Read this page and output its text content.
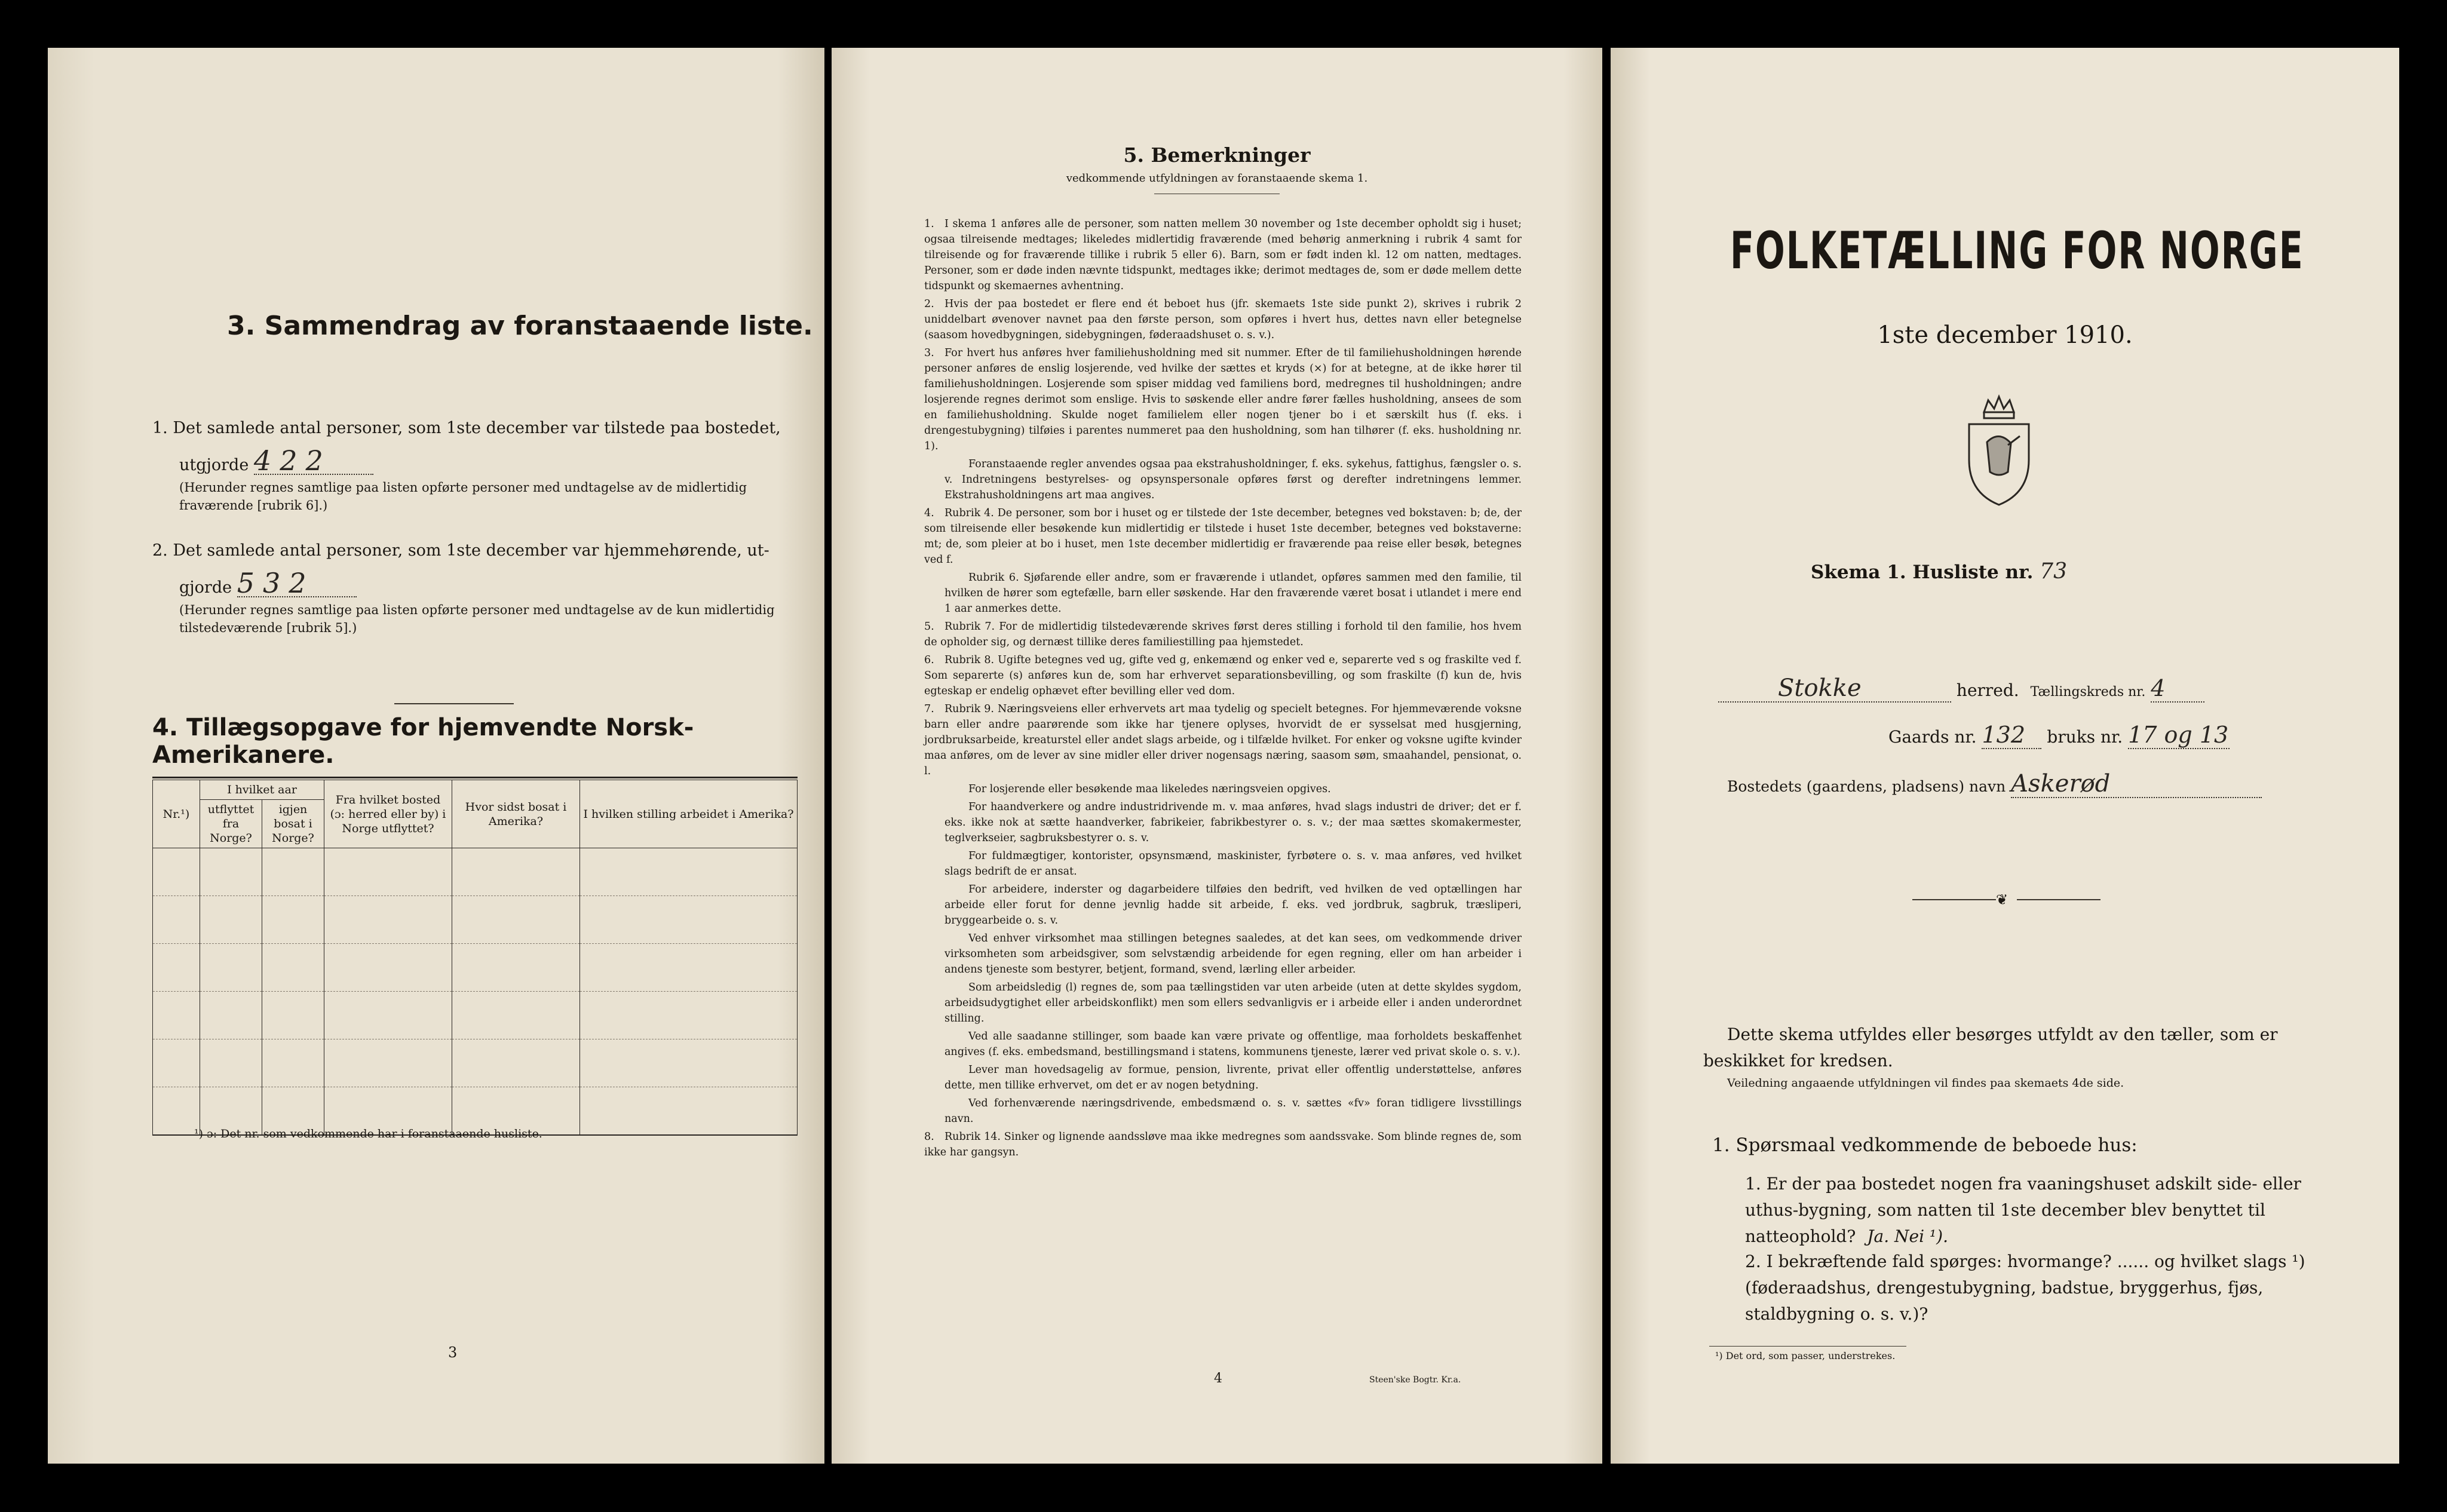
3. Sammendrag av foranstaaende liste.
1. Det samlede antal personer, som 1ste december var tilstede paa bostedet,
utgjorde 422
(Herunder regnes samtlige paa listen opførte personer med undtagelse av de midlertidig fraværende [rubrik 6].)
2. Det samlede antal personer, som 1ste december var hjemmehørende, ut-
gjorde 532
(Herunder regnes samtlige paa listen opførte personer med undtagelse av de kun midlertidig tilstedeværende [rubrik 5].)
4. Tillægsopgave for hjemvendte Norsk-Amerikanere.
Nr.¹)	I hvilket aar		Fra hvilket bosted (ɔ: herred eller by) i Norge utflyttet?	Hvor sidst bosat i Amerika?	I hvilken stilling arbeidet i Amerika?
	utflyttet fra Norge?	igjen bosat i Norge?			

¹) ɔ: Det nr. som vedkommende har i foranstaaende husliste.
3
5. Bemerkninger
vedkommende utfyldningen av foranstaaende skema 1.

1. I skema 1 anføres alle de personer, som natten mellem 30 november og 1ste december opholdt sig i huset; ogsaa tilreisende medtages; likeledes midlertidig fraværende (med behørig anmerkning i rubrik 4 samt for tilreisende og for fraværende tillike i rubrik 5 eller 6). Barn, som er født inden kl. 12 om natten, medtages. Personer, som er døde inden nævnte tidspunkt, medtages ikke; derimot medtages de, som er døde mellem dette tidspunkt og skemaernes avhentning.

2. Hvis der paa bostedet er flere end ét beboet hus (jfr. skemaets 1ste side punkt 2), skrives i rubrik 2 uniddelbart øvenover navnet paa den første person, som opføres i hvert hus, dettes navn eller betegnelse (saasom hovedbygningen, sidebygningen, føderaadshuset o. s. v.).

3. For hvert hus anføres hver familiehusholdning med sit nummer. Efter de til familiehusholdningen hørende personer anføres de enslig losjerende, ved hvilke der sættes et kryds (×) for at betegne, at de ikke hører til familiehusholdningen. Losjerende som spiser middag ved familiens bord, medregnes til husholdningen; andre losjerende regnes derimot som enslige. Hvis to søskende eller andre fører fælles husholdning, ansees de som en familiehusholdning. Skulde noget familielem eller nogen tjener bo i et særskilt hus (f. eks. i drengestubygning) tilføies i parentes nummeret paa den husholdning, som han tilhører (f. eks. husholdning nr. 1).

Foranstaaende regler anvendes ogsaa paa ekstrahusholdninger, f. eks. sykehus, fattighus, fængsler o. s. v. Indretningens bestyrelses- og opsynspersonale opføres først og derefter indretningens lemmer. Ekstrahusholdningens art maa angives.

4. Rubrik 4. De personer, som bor i huset og er tilstede der 1ste december, betegnes ved bokstaven: b; de, der som tilreisende eller besøkende kun midlertidig er tilstede i huset 1ste december, betegnes ved bokstaverne: mt; de, som pleier at bo i huset, men 1ste december midlertidig er fraværende paa reise eller besøk, betegnes ved f.

Rubrik 6. Sjøfarende eller andre, som er fraværende i utlandet, opføres sammen med den familie, til hvilken de hører som egtefælle, barn eller søskende. Har den fraværende været bosat i utlandet i mere end 1 aar anmerkes dette.

5. Rubrik 7. For de midlertidig tilstedeværende skrives først deres stilling i forhold til den familie, hos hvem de opholder sig, og dernæst tillike deres familiestilling paa hjemstedet.

6. Rubrik 8. Ugifte betegnes ved ug, gifte ved g, enkemænd og enker ved e, separerte ved s og fraskilte ved f. Som separerte (s) anføres kun de, som har erhvervet separationsbevilling, og som fraskilte (f) kun de, hvis egteskap er endelig ophævet efter bevilling eller ved dom.

7. Rubrik 9. Næringsveiens eller erhvervets art maa tydelig og specielt betegnes. For hjemmeværende voksne barn eller andre paarørende som ikke har tjenere oplyses, hvorvidt de er sysselsat med husgjerning, jordbruksarbeide, kreaturstel eller andet slags arbeide, og i tilfælde hvilket. For enker og voksne ugifte kvinder maa anføres, om de lever av sine midler eller driver nogensags næring, saasom søm, smaahandel, pensionat, o. l.

For losjerende eller besøkende maa likeledes næringsveien opgives.

For haandverkere og andre industridrivende m. v. maa anføres, hvad slags industri de driver; det er f. eks. ikke nok at sætte haandverker, fabrikeier, fabrikbestyrer o. s. v.; der maa sættes skomakermester, teglverkseier, sagbruksbestyrer o. s. v.

For fuldmægtiger, kontorister, opsynsmænd, maskinister, fyrbøtere o. s. v. maa anføres, ved hvilket slags bedrift de er ansat.

For arbeidere, inderster og dagarbeidere tilføies den bedrift, ved hvilken de ved optællingen har arbeide eller forut for denne jevnlig hadde sit arbeide, f. eks. ved jordbruk, sagbruk, træsliperi, bryggearbeide o. s. v.

Ved enhver virksomhet maa stillingen betegnes saaledes, at det kan sees, om vedkommende driver virksomheten som arbeidsgiver, som selvstændig arbeidende for egen regning, eller om han arbeider i andens tjeneste som bestyrer, betjent, formand, svend, lærling eller arbeider.

Som arbeidsledig (l) regnes de, som paa tællingstiden var uten arbeide (uten at dette skyldes sygdom, arbeidsudygtighet eller arbeidskonflikt) men som ellers sedvanligvis er i arbeide eller i anden underordnet stilling.

Ved alle saadanne stillinger, som baade kan være private og offentlige, maa forholdets beskaffenhet angives (f. eks. embedsmand, bestillingsmand i statens, kommunens tjeneste, lærer ved privat skole o. s. v.).

Lever man hovedsagelig av formue, pension, livrente, privat eller offentlig understøttelse, anføres dette, men tillike erhvervet, om det er av nogen betydning.

Ved forhenværende næringsdrivende, embedsmænd o. s. v. sættes «fv» foran tidligere livsstillings navn.

8. Rubrik 14. Sinker og lignende aandssløve maa ikke medregnes som aandssvake. Som blinde regnes de, som ikke har gangsyn.

4	Steen'ske Bogtr. Kr.a.
FOLKETÆLLING FOR NORGE
1ste december 1910.
Skema 1. Husliste nr. 73
Stokke	herred. Tællingskreds nr. 4
Gaards nr. 132 bruks nr. 17 og 13
Bostedets (gaardens, pladsens) navn Askerød
❦
Dette skema utfyldes eller besørges utfyldt av den tæller, som er beskikket for kredsen.
Veiledning angaaende utfyldningen vil findes paa skemaets 4de side.
1. Spørsmaal vedkommende de beboede hus:
1. Er der paa bostedet nogen fra vaaningshuset adskilt side- eller uthus-bygning, som natten til 1ste december blev benyttet til natteophold? Ja. Nei ¹).
2. I bekræftende fald spørges: hvormange? ...... og hvilket slags ¹) (føderaadshus, drengestubygning, badstue, bryggerhus, fjøs, staldbygning o. s. v.)?
¹) Det ord, som passer, understrekes.
